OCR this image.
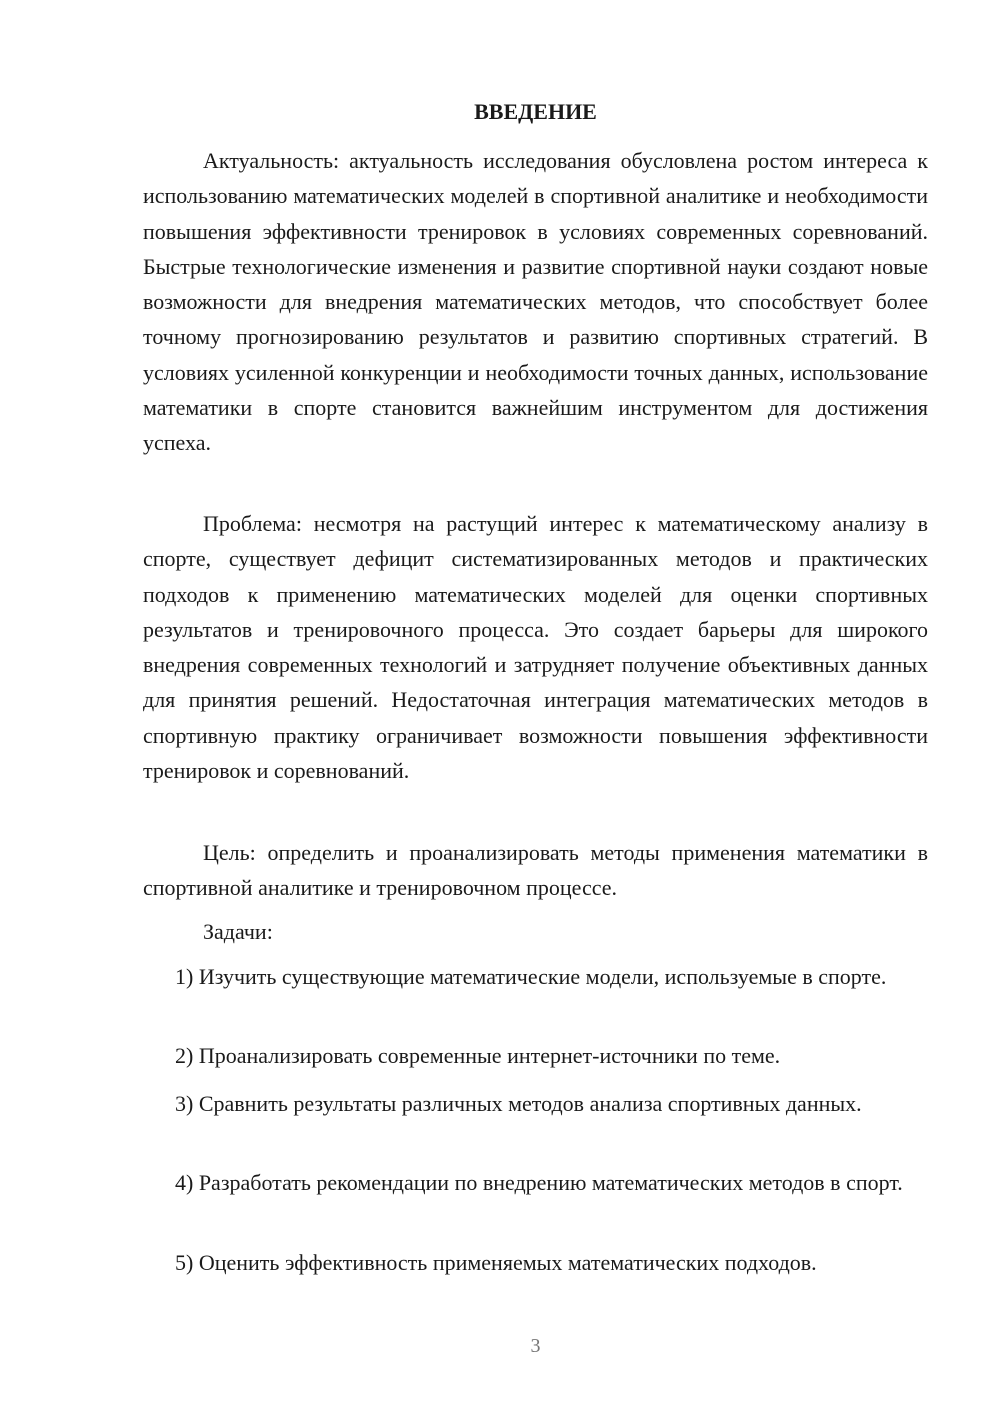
ВВЕДЕНИЕ

Актуальность: актуальность исследования обусловлена ростом интереса к использованию математических моделей в спортивной аналитике и необходимости повышения эффективности тренировок в условиях современных соревнований. Быстрые технологические изменения и развитие спортивной науки создают новые возможности для внедрения математических методов, что способствует более точному прогнозированию результатов и развитию спортивных стратегий. В условиях усиленной конкуренции и необходимости точных данных, использование математики в спорте становится важнейшим инструментом для достижения успеха.

Проблема: несмотря на растущий интерес к математическому анализу в спорте, существует дефицит систематизированных методов и практических подходов к применению математических моделей для оценки спортивных результатов и тренировочного процесса. Это создает барьеры для широкого внедрения современных технологий и затрудняет получение объективных данных для принятия решений. Недостаточная интеграция математических методов в спортивную практику ограничивает возможности повышения эффективности тренировок и соревнований.

Цель: определить и проанализировать методы применения математики в спортивной аналитике и тренировочном процессе.

Задачи:

1) Изучить существующие математические модели, используемые в спорте.

2) Проанализировать современные интернет-источники по теме.

3) Сравнить результаты различных методов анализа спортивных данных.

4) Разработать рекомендации по внедрению математических методов в спорт.

5) Оценить эффективность применяемых математических подходов.

3
